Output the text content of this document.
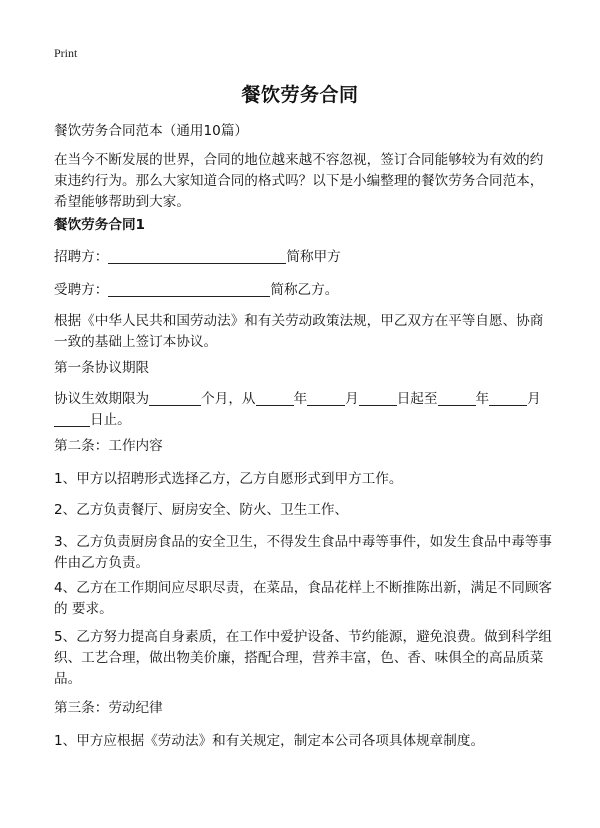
Print
餐饮劳务合同

餐饮劳务合同范本（通用10篇）

在当今不断发展的世界，合同的地位越来越不容忽视，签订合同能够较为有效的约束违约行为。那么大家知道合同的格式吗？以下是小编整理的餐饮劳务合同范本，希望能够帮助到大家。

餐饮劳务合同1

招聘方：	简称甲方

受聘方：	简称乙方。

根据《中华人民共和国劳动法》和有关劳动政策法规，甲乙双方在平等自愿、协商一致的基础上签订本协议。

第一条协议期限

协议生效期限为	个月，从	年	月	日起至	年	月日止。

第二条：工作内容

1、甲方以招聘形式选择乙方，乙方自愿形式到甲方工作。

2、乙方负责餐厅、厨房安全、防火、卫生工作、

3、乙方负责厨房食品的安全卫生，不得发生食品中毒等事件，如发生食品中毒等事件由乙方负责。

4、乙方在工作期间应尽职尽责，在菜品，食品花样上不断推陈出新，满足不同顾客的 要求。

5、乙方努力提高自身素质，在工作中爱护设备、节约能源，避免浪费。做到科学组织、工艺合理，做出物美价廉，搭配合理，营养丰富，色、香、味俱全的高品质菜品。

第三条：劳动纪律

1、甲方应根据《劳动法》和有关规定，制定本公司各项具体规章制度。
